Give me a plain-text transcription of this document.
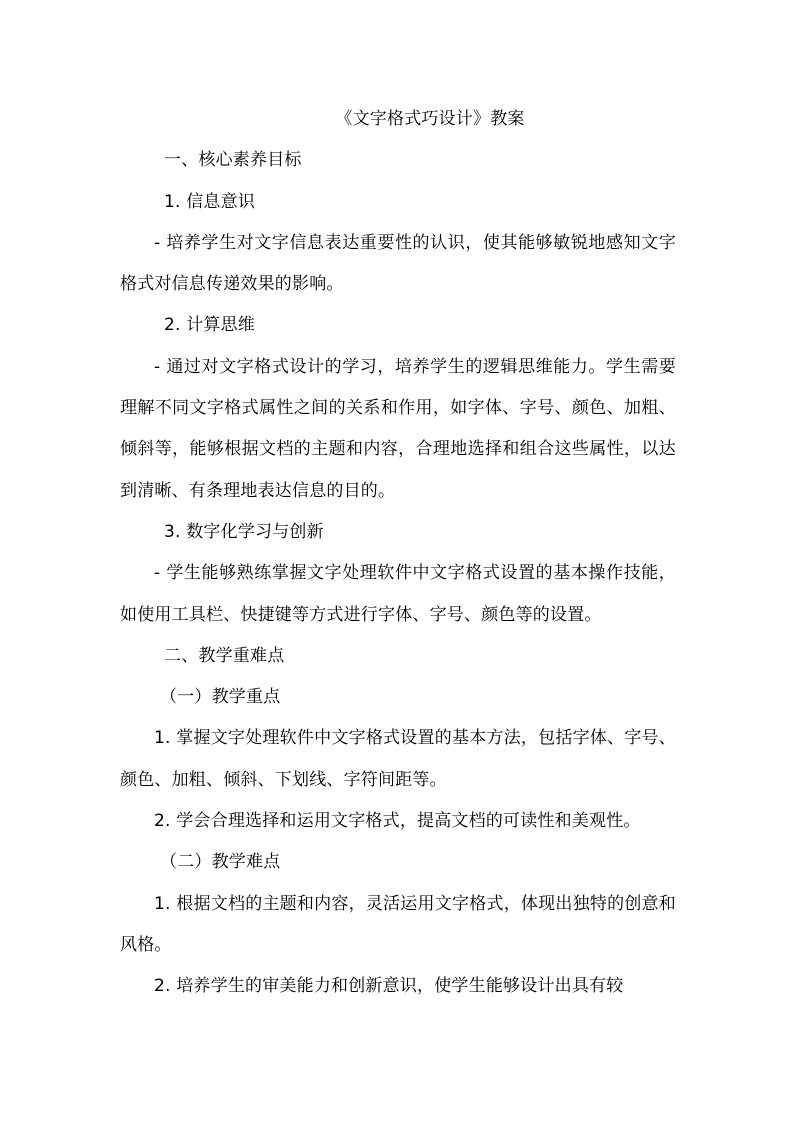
《文字格式巧设计》教案
一、核心素养目标
1. 信息意识
- 培养学生对文字信息表达重要性的认识，使其能够敏锐地感知文字格式对信息传递效果的影响。
2. 计算思维
- 通过对文字格式设计的学习，培养学生的逻辑思维能力。学生需要理解不同文字格式属性之间的关系和作用，如字体、字号、颜色、加粗、倾斜等，能够根据文档的主题和内容，合理地选择和组合这些属性，以达到清晰、有条理地表达信息的目的。
3. 数字化学习与创新
- 学生能够熟练掌握文字处理软件中文字格式设置的基本操作技能，如使用工具栏、快捷键等方式进行字体、字号、颜色等的设置。
二、教学重难点
（一）教学重点
1. 掌握文字处理软件中文字格式设置的基本方法，包括字体、字号、颜色、加粗、倾斜、下划线、字符间距等。
2. 学会合理选择和运用文字格式，提高文档的可读性和美观性。
（二）教学难点
1. 根据文档的主题和内容，灵活运用文字格式，体现出独特的创意和风格。
2. 培养学生的审美能力和创新意识，使学生能够设计出具有较
